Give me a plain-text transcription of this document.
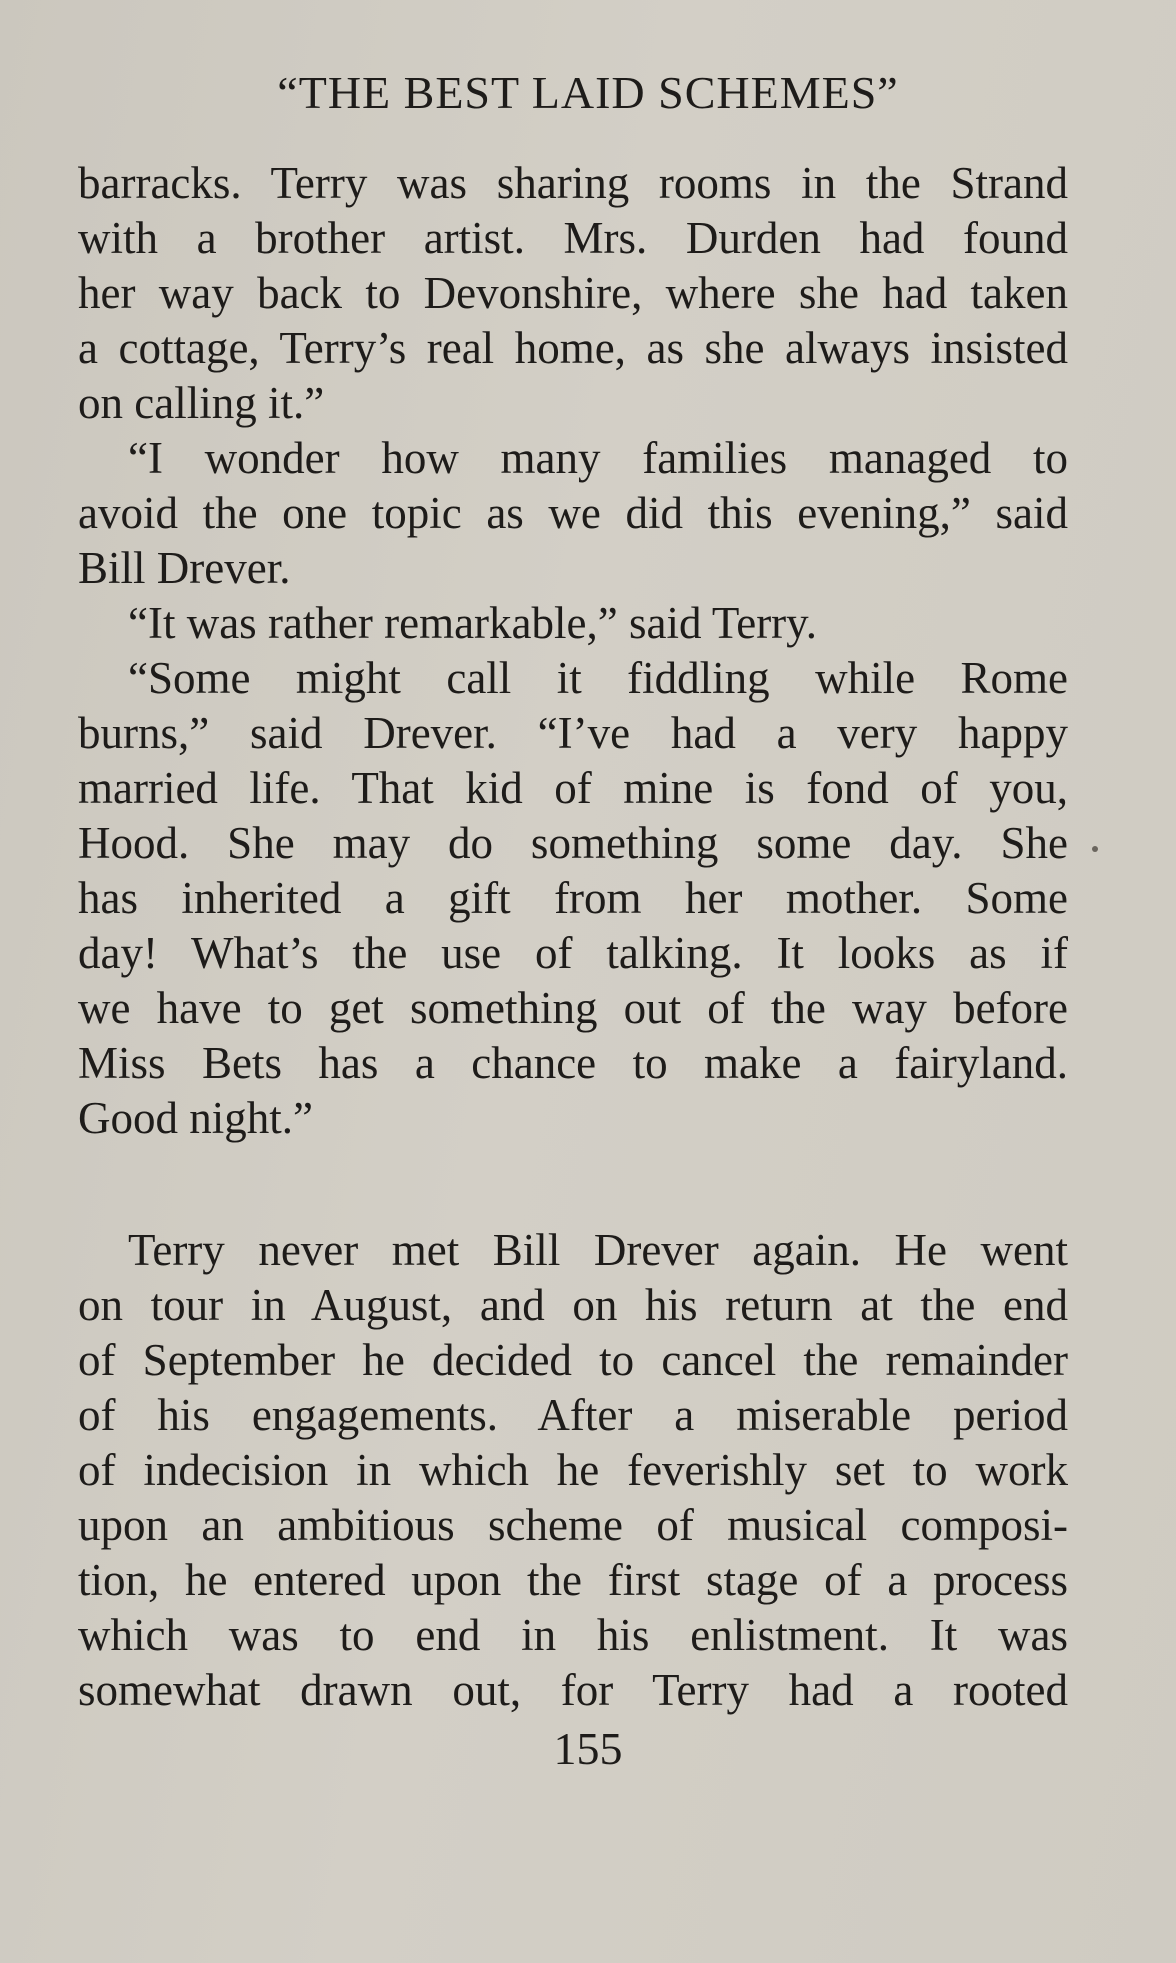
“THE BEST LAID SCHEMES”
barracks. Terry was sharing rooms in the Strand
with a brother artist. Mrs. Durden had found
her way back to Devonshire, where she had taken
a cottage, Terry’s real home, as she always insisted
on calling it.”
“I wonder how many families managed to
avoid the one topic as we did this evening,” said
Bill Drever.
“It was rather remarkable,” said Terry.
“Some might call it fiddling while Rome
burns,” said Drever. “I’ve had a very happy
married life. That kid of mine is fond of you,
Hood. She may do something some day. She
has inherited a gift from her mother. Some
day! What’s the use of talking. It looks as if
we have to get something out of the way before
Miss Bets has a chance to make a fairyland.
Good night.”
Terry never met Bill Drever again. He went
on tour in August, and on his return at the end
of September he decided to cancel the remainder
of his engagements. After a miserable period
of indecision in which he feverishly set to work
upon an ambitious scheme of musical composi-
tion, he entered upon the first stage of a process
which was to end in his enlistment. It was
somewhat drawn out, for Terry had a rooted
155
